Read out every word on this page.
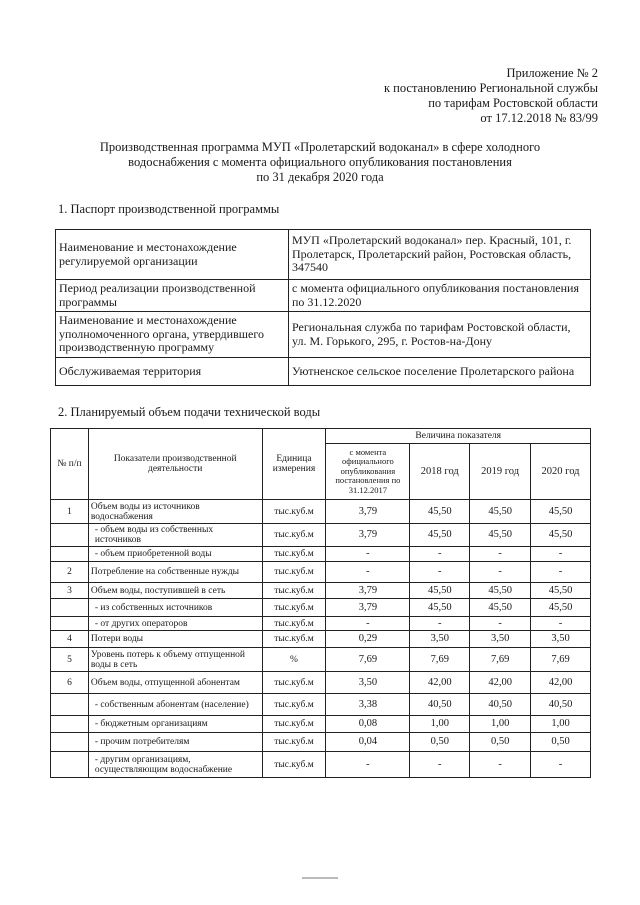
Приложение № 2
к постановлению Региональной службы
по тарифам Ростовской области
от 17.12.2018 № 83/99
Производственная программа МУП «Пролетарский водоканал» в сфере холодного
водоснабжения с момента официального опубликования постановления
по 31 декабря 2020 года
1. Паспорт производственной программы
Наименование и местонахождение регулируемой организации	МУП «Пролетарский водоканал» пер. Красный, 101, г. Пролетарск, Пролетарский район, Ростовская область, 347540
Период реализации производственной программы	с момента официального опубликования постановления по 31.12.2020
Наименование и местонахождение уполномоченного органа, утвердившего производственную программу	Региональная служба по тарифам Ростовской области, ул. М. Горького, 295, г. Ростов-на-Дону
Обслуживаемая территория	Уютненское сельское поселение Пролетарского района
2. Планируемый объем подачи технической воды
№ п/п	Показатели производственной деятельности	Единица измерения	Величина показателя			
			с момента официального опубликования постановления по 31.12.2017	2018 год	2019 год	2020 год
1	Объем воды из источников водоснабжения	тыс.куб.м	3,79	45,50	45,50	45,50
	- объем воды из собственных источников	тыс.куб.м	3,79	45,50	45,50	45,50
	- объем приобретенной воды	тыс.куб.м	-	-	-	-
2	Потребление на собственные нужды	тыс.куб.м	-	-	-	-
3	Объем воды, поступившей в сеть	тыс.куб.м	3,79	45,50	45,50	45,50
	- из собственных источников	тыс.куб.м	3,79	45,50	45,50	45,50
	- от других операторов	тыс.куб.м	-	-	-	-
4	Потери воды	тыс.куб.м	0,29	3,50	3,50	3,50
5	Уровень потерь к объему отпущенной воды в сеть	%	7,69	7,69	7,69	7,69
6	Объем воды, отпущенной абонентам	тыс.куб.м	3,50	42,00	42,00	42,00
	- собственным абонентам (население)	тыс.куб.м	3,38	40,50	40,50	40,50
	- бюджетным организациям	тыс.куб.м	0,08	1,00	1,00	1,00
	- прочим потребителям	тыс.куб.м	0,04	0,50	0,50	0,50
	- другим организациям, осуществляющим водоснабжение	тыс.куб.м	-	-	-	-
